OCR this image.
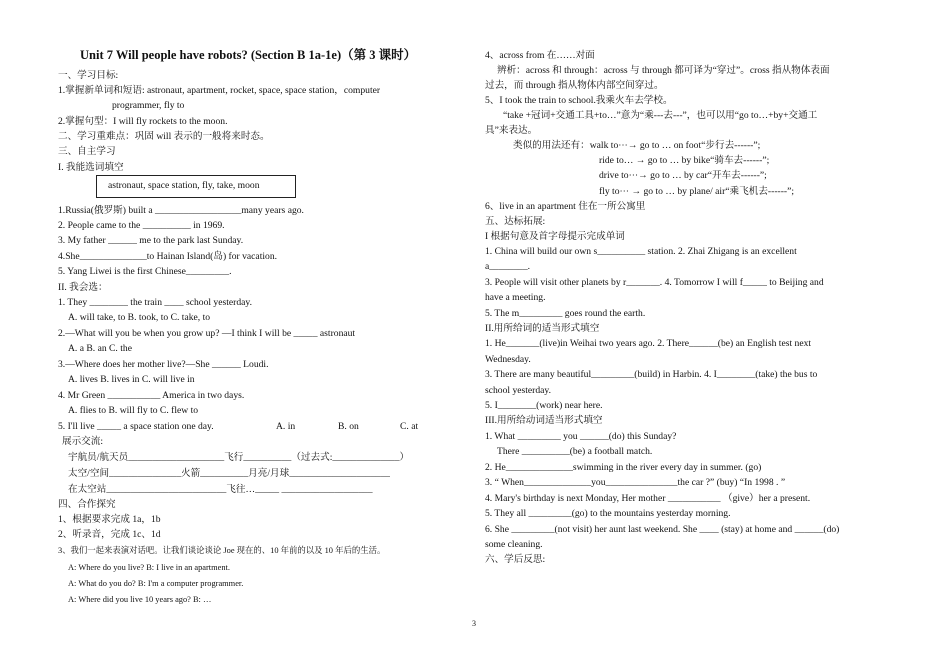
Unit 7 Will people have robots? (Section B 1a-1e)（第 3 课时）
一、学习目标:
1.掌握新单词和短语: astronaut, apartment, rocket, space, space station，computer
programmer, fly to
2.掌握句型：I will fly rockets to the moon.
二、学习重难点：巩固 will 表示的一般将来时态。
三、自主学习
I. 我能选词填空
astronaut, space station, fly, take, moon
1.Russia(俄罗斯) built a __________________many years ago.
2. People came to the __________ in 1969.
3. My father ______ me to the park last Sunday.
4.She______________to Hainan Island(岛) for vacation.
5. Yang Liwei is the first Chinese_________.
II. 我会选：
1. They ________ the train ____ school yesterday.
A. will take, to B. took, to C. take, to
2.—What will you be when you grow up? —I think I will be _____ astronaut
A. a B. an C. the
3.—Where does her mother live?—She ______ Loudi.
A. lives B. lives in C. will live in
4. Mr Green ___________ America in two days.
A. flies to B. will fly to C. flew to
5. I'll live _____ a space station one day.	A. in	B. on	C. at
展示交流:
宇航员/航天员____________________飞行__________（过去式:______________）
太空/空间_______________火箭__________月亮/月球_____________________
在太空站_________________________飞往…_____ ___________________
四、合作探究
1、根据要求完成 1a，1b
2、听录音，完成 1c、1d
3、我们一起来表演对话吧。让我们谈论谈论 Joe 现在的、10 年前的以及 10 年后的生活。
A: Where do you live? B: I live in an apartment.
A: What do you do? B: I'm a computer programmer.
A: Where did you live 10 years ago? B: …
4、across from 在……对面
辨析：across 和 through：across 与 through 都可译为“穿过”。cross 指从物体表面
过去，而 through 指从物体内部空间穿过。
5、I took the train to school.我乘火车去学校。
“take +冠词+交通工具+to…”意为“乘---去---”，也可以用“go to…+by+交通工
具”来表达。
类似的用法还有：walk to⋯→ go to … on foot“步行去------”;
ride to… → go to … by bike“骑车去------”;
drive to⋯→ go to … by car“开车去------”;
fly to⋯ → go to … by plane/ air“乘飞机去------”;
6、live in an apartment 住在一所公寓里
五、达标拓展:
I 根据句意及首字母提示完成单词
1. China will build our own s__________ station. 2. Zhai Zhigang is an excellent
a________.
3. People will visit other planets by r_______. 4. Tomorrow I will f_____ to Beijing and
have a meeting.
5. The m_________ goes round the earth.
II.用所给词的适当形式填空
1. He_______(live)in Weihai two years ago. 2. There______(be) an English test next
Wednesday.
3. There are many beautiful_________(build) in Harbin. 4. I________(take) the bus to
school yesterday.
5. I________(work) near here.
III.用所给动词适当形式填空
1. What _________ you ______(do) this Sunday?
There __________(be) a football match.
2. He______________swimming in the river every day in summer. (go)
3. “ When______________you_______________the car ?” (buy) “In 1998 . ”
4. Mary's birthday is next Monday, Her mother ___________ （give）her a present.
5. They all _________(go) to the mountains yesterday morning.
6. She _________(not visit) her aunt last weekend. She ____ (stay) at home and ______(do)
some cleaning.
六、学后反思:
3
